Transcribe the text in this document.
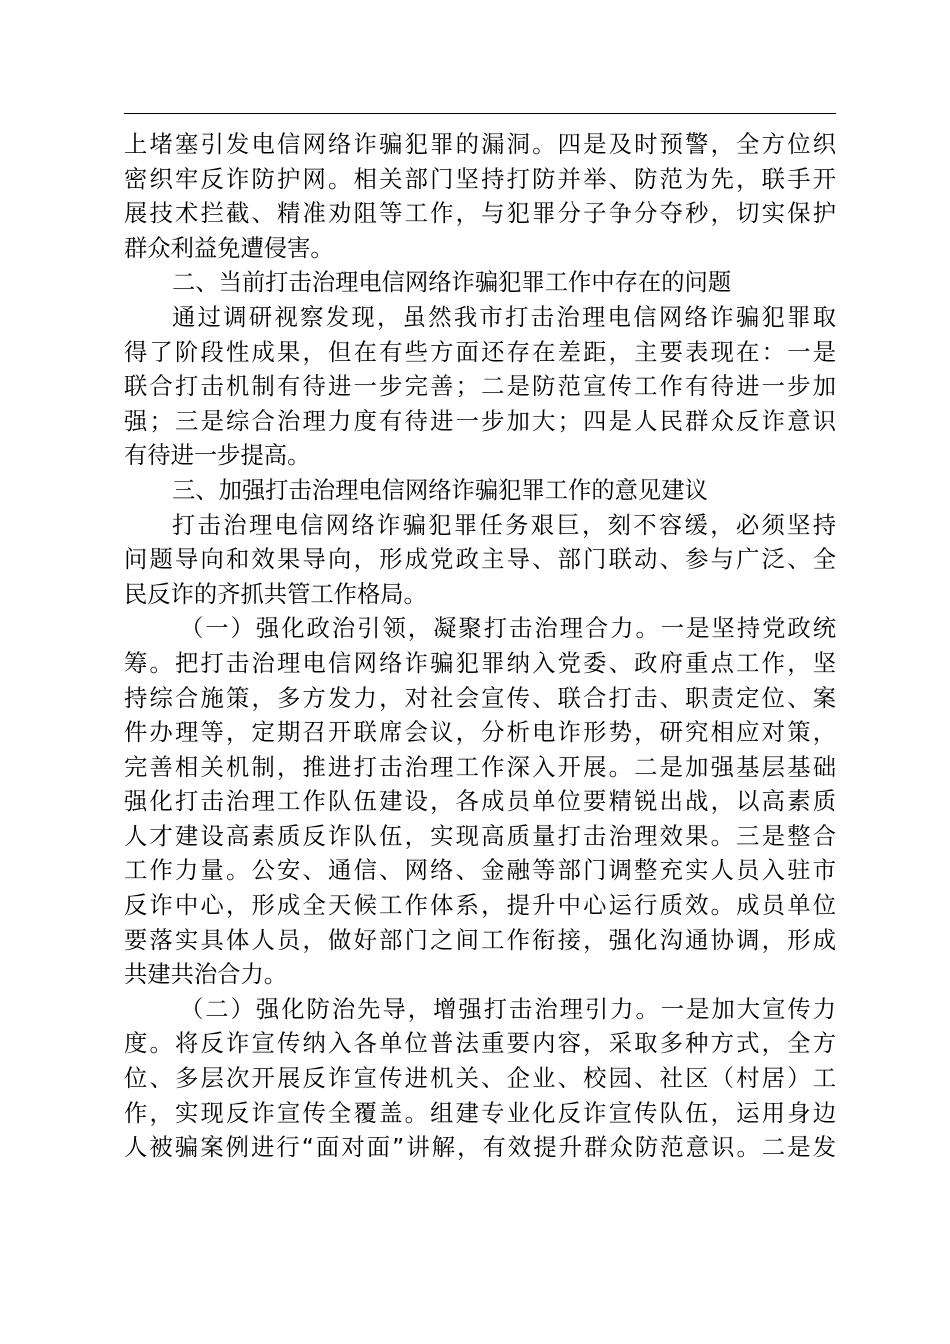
上堵塞引发电信网络诈骗犯罪的漏洞。四是及时预警，全方位织
密织牢反诈防护网。相关部门坚持打防并举、防范为先，联手开
展技术拦截、精准劝阻等工作，与犯罪分子争分夺秒，切实保护
群众利益免遭侵害。
二、当前打击治理电信网络诈骗犯罪工作中存在的问题
通过调研视察发现，虽然我市打击治理电信网络诈骗犯罪取
得了阶段性成果，但在有些方面还存在差距，主要表现在：一是
联合打击机制有待进一步完善；二是防范宣传工作有待进一步加
强；三是综合治理力度有待进一步加大；四是人民群众反诈意识
有待进一步提高。
三、加强打击治理电信网络诈骗犯罪工作的意见建议
打击治理电信网络诈骗犯罪任务艰巨，刻不容缓，必须坚持
问题导向和效果导向，形成党政主导、部门联动、参与广泛、全
民反诈的齐抓共管工作格局。
（一）强化政治引领，凝聚打击治理合力。一是坚持党政统
筹。把打击治理电信网络诈骗犯罪纳入党委、政府重点工作，坚
持综合施策，多方发力，对社会宣传、联合打击、职责定位、案
件办理等，定期召开联席会议，分析电诈形势，研究相应对策，
完善相关机制，推进打击治理工作深入开展。二是加强基层基础
强化打击治理工作队伍建设，各成员单位要精锐出战，以高素质
人才建设高素质反诈队伍，实现高质量打击治理效果。三是整合
工作力量。公安、通信、网络、金融等部门调整充实人员入驻市
反诈中心，形成全天候工作体系，提升中心运行质效。成员单位
要落实具体人员，做好部门之间工作衔接，强化沟通协调，形成
共建共治合力。
（二）强化防治先导，增强打击治理引力。一是加大宣传力
度。将反诈宣传纳入各单位普法重要内容，采取多种方式，全方
位、多层次开展反诈宣传进机关、企业、校园、社区（村居）工
作，实现反诈宣传全覆盖。组建专业化反诈宣传队伍，运用身边
人被骗案例进行“面对面”讲解，有效提升群众防范意识。二是发
